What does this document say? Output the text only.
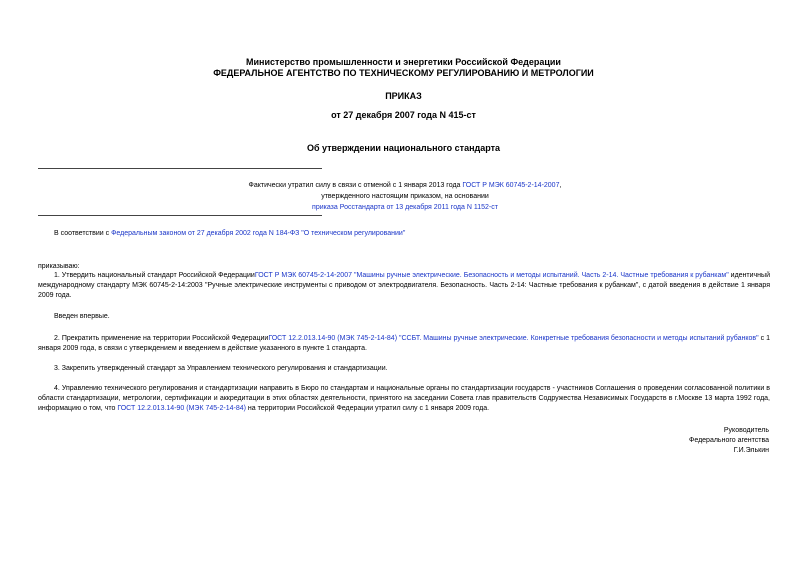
Министерство промышленности и энергетики Российской Федерации
ФЕДЕРАЛЬНОЕ АГЕНТСТВО ПО ТЕХНИЧЕСКОМУ РЕГУЛИРОВАНИЮ И МЕТРОЛОГИИ
ПРИКАЗ
от 27 декабря 2007 года N 415-ст
Об утверждении национального стандарта
Фактически утратил силу в связи с отменой с 1 января 2013 года ГОСТ Р МЭК 60745-2-14-2007,
утвержденного настоящим приказом, на основании
приказа Росстандарта от 13 декабря 2011 года N 1152-ст
В соответствии с Федеральным законом от 27 декабря 2002 года N 184-ФЗ "О техническом регулировании"
приказываю:
1. Утвердить национальный стандарт Российской ФедерацииГОСТ Р МЭК 60745-2-14-2007 "Машины ручные электрические. Безопасность и методы испытаний. Часть 2-14. Частные требования к рубанкам" идентичный международному стандарту МЭК 60745-2-14:2003 "Ручные электрические инструменты с приводом от электродвигателя. Безопасность. Часть 2-14: Частные требования к рубанкам", с датой введения в действие 1 января 2009 года.
Введен впервые.
2. Прекратить применение на территории Российской ФедерацииГОСТ 12.2.013.14-90 (МЭК 745-2-14-84) "ССБТ. Машины ручные электрические. Конкретные требования безопасности и методы испытаний рубанков" с 1 января 2009 года, в связи с утверждением и введением в действие указанного в пункте 1 стандарта.
3. Закрепить утвержденный стандарт за Управлением технического регулирования и стандартизации.
4. Управлению технического регулирования и стандартизации направить в Бюро по стандартам и национальные органы по стандартизации государств - участников Соглашения о проведении согласованной политики в области стандартизации, метрологии, сертификации и аккредитации в этих областях деятельности, принятого на заседании Совета глав правительств Содружества Независимых Государств в г.Москве 13 марта 1992 года, информацию о том, что ГОСТ 12.2.013.14-90 (МЭК 745-2-14-84) на территории Российской Федерации утратил силу с 1 января 2009 года.
Руководитель
Федерального агентства
Г.И.Элькин
